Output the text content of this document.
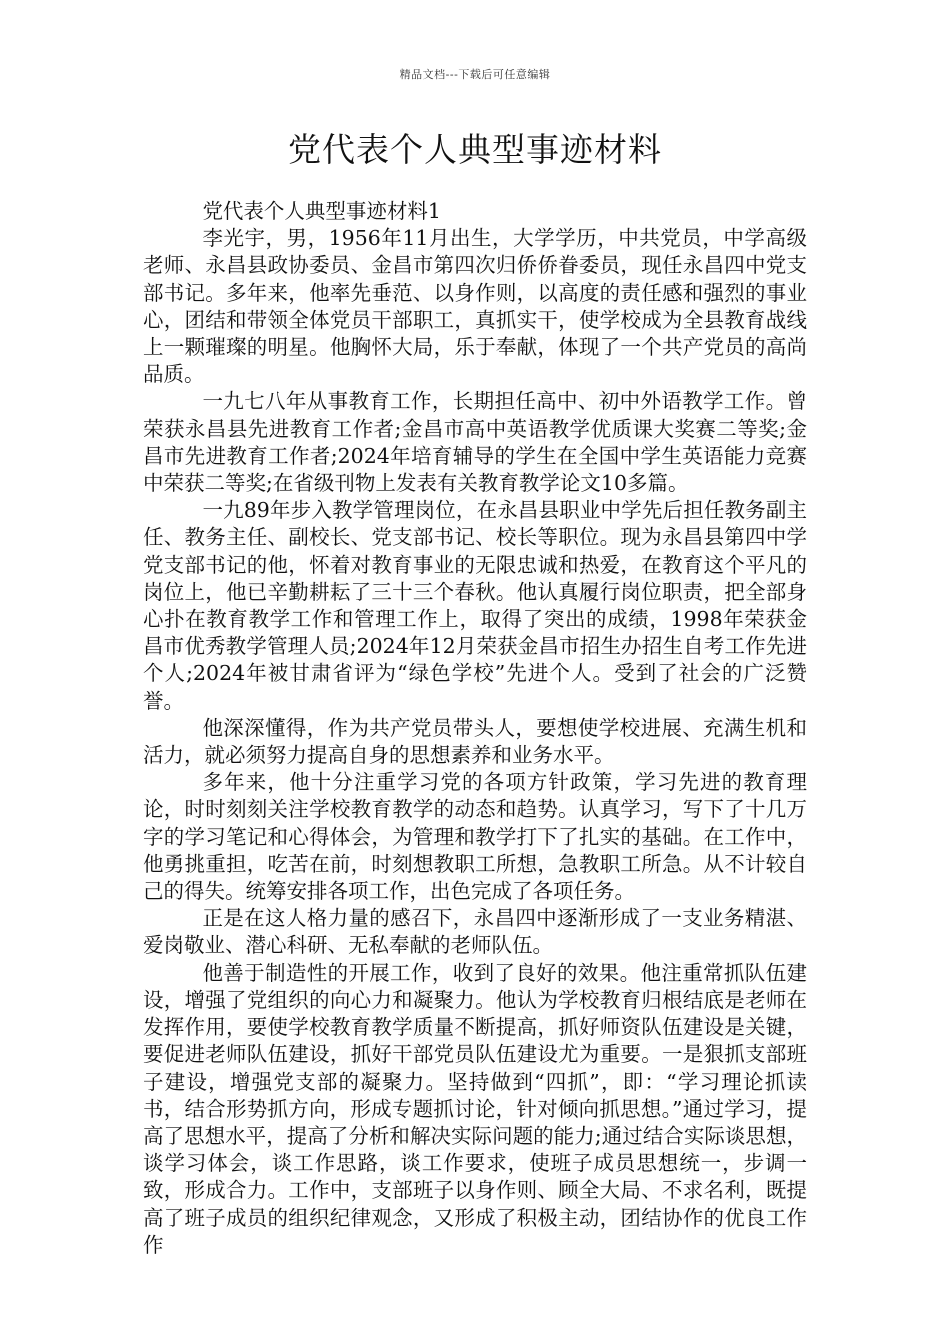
精品文档---下载后可任意编辑
党代表个人典型事迹材料

党代表个人典型事迹材料1

李光宇，男，1956年11月出生，大学学历，中共党员，中学高级老师、永昌县政协委员、金昌市第四次归侨侨眷委员，现任永昌四中党支部书记。多年来，他率先垂范、以身作则，以高度的责任感和强烈的事业心，团结和带领全体党员干部职工，真抓实干，使学校成为全县教育战线上一颗璀璨的明星。他胸怀大局，乐于奉献，体现了一个共产党员的高尚品质。

一九七八年从事教育工作，长期担任高中、初中外语教学工作。曾荣获永昌县先进教育工作者;金昌市高中英语教学优质课大奖赛二等奖;金昌市先进教育工作者;2024年培育辅导的学生在全国中学生英语能力竞赛中荣获二等奖;在省级刊物上发表有关教育教学论文10多篇。

一九89年步入教学管理岗位，在永昌县职业中学先后担任教务副主任、教务主任、副校长、党支部书记、校长等职位。现为永昌县第四中学党支部书记的他，怀着对教育事业的无限忠诚和热爱，在教育这个平凡的岗位上，他已辛勤耕耘了三十三个春秋。他认真履行岗位职责，把全部身心扑在教育教学工作和管理工作上，取得了突出的成绩，1998年荣获金昌市优秀教学管理人员;2024年12月荣获金昌市招生办招生自考工作先进个人;2024年被甘肃省评为“绿色学校”先进个人。受到了社会的广泛赞誉。

他深深懂得，作为共产党员带头人，要想使学校进展、充满生机和活力，就必须努力提高自身的思想素养和业务水平。

多年来，他十分注重学习党的各项方针政策，学习先进的教育理论，时时刻刻关注学校教育教学的动态和趋势。认真学习，写下了十几万字的学习笔记和心得体会，为管理和教学打下了扎实的基础。在工作中，他勇挑重担，吃苦在前，时刻想教职工所想，急教职工所急。从不计较自己的得失。统筹安排各项工作，出色完成了各项任务。

正是在这人格力量的感召下，永昌四中逐渐形成了一支业务精湛、爱岗敬业、潜心科研、无私奉献的老师队伍。

他善于制造性的开展工作，收到了良好的效果。他注重常抓队伍建设，增强了党组织的向心力和凝聚力。他认为学校教育归根结底是老师在发挥作用，要使学校教育教学质量不断提高，抓好师资队伍建设是关键，要促进老师队伍建设，抓好干部党员队伍建设尤为重要。一是狠抓支部班子建设，增强党支部的凝聚力。坚持做到“四抓”，即：“学习理论抓读书，结合形势抓方向，形成专题抓讨论，针对倾向抓思想。”通过学习，提高了思想水平，提高了分析和解决实际问题的能力;通过结合实际谈思想，谈学习体会，谈工作思路，谈工作要求，使班子成员思想统一，步调一致，形成合力。工作中，支部班子以身作则、顾全大局、不求名利，既提高了班子成员的组织纪律观念，又形成了积极主动，团结协作的优良工作作
